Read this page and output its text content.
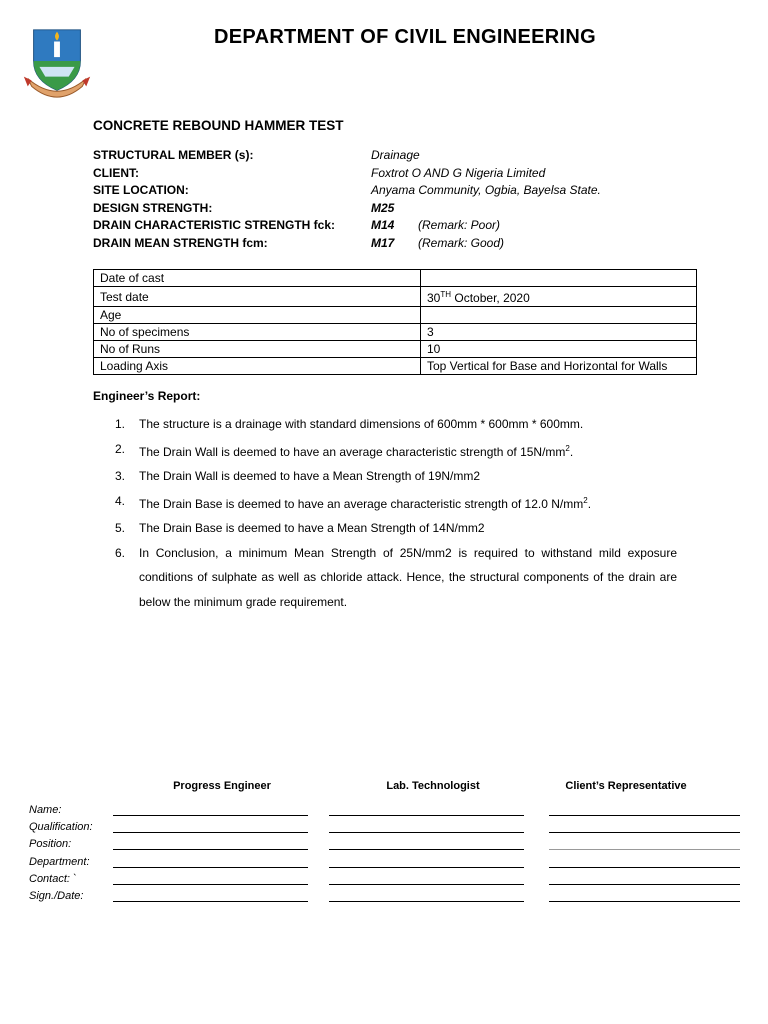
DEPARTMENT OF CIVIL ENGINEERING
CONCRETE REBOUND HAMMER TEST
STRUCTURAL MEMBER (s):	Drainage
CLIENT:	Foxtrot O AND G Nigeria Limited
SITE LOCATION:	Anyama Community, Ogbia, Bayelsa State.
DESIGN STRENGTH:	M25
DRAIN CHARACTERISTIC STRENGTH fck:	M14 (Remark: Poor)
DRAIN MEAN STRENGTH fcm:	M17 (Remark: Good)
Date of cast	
Test date	30TH October, 2020
Age	
No of specimens	3
No of Runs	10
Loading Axis	Top Vertical for Base and Horizontal for Walls
Engineer’s Report:
1. The structure is a drainage with standard dimensions of 600mm * 600mm * 600mm.
2. The Drain Wall is deemed to have an average characteristic strength of $15N/mm^2$.
3. The Drain Wall is deemed to have a Mean Strength of 19N/mm2
4. The Drain Base is deemed to have an average characteristic strength of 12.0 $N/mm^2$.
5. The Drain Base is deemed to have a Mean Strength of 14N/mm2
6. In Conclusion, a minimum Mean Strength of 25N/mm2 is required to withstand mild exposure conditions of sulphate as well as chloride attack. Hence, the structural components of the drain are below the minimum grade requirement.
Progress Engineer	Lab. Technologist	Client’s Representative
Name:
Qualification:
Position:
Department:
Contact: `
Sign./Date:
